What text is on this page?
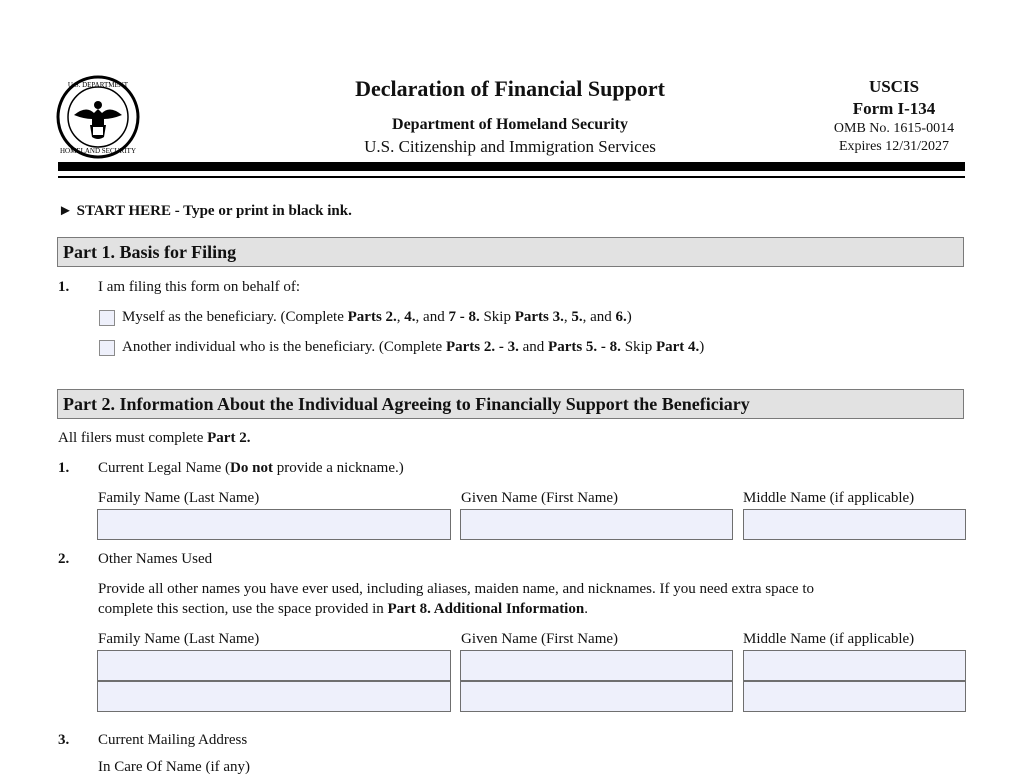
U.S. DEPARTMENT
HOMELAND SECURITY
Declaration of Financial Support
Department of Homeland Security
U.S. Citizenship and Immigration Services
USCIS
Form I-134
OMB No. 1615-0014
Expires 12/31/2027
► START HERE - Type or print in black ink.
Part 1. Basis for Filing
1. I am filing this form on behalf of:
Myself as the beneficiary. (Complete Parts 2., 4., and 7 - 8. Skip Parts 3., 5., and 6.)
Another individual who is the beneficiary. (Complete Parts 2. - 3. and Parts 5. - 8. Skip Part 4.)
Part 2. Information About the Individual Agreeing to Financially Support the Beneficiary
All filers must complete Part 2.
1. Current Legal Name (Do not provide a nickname.)
Family Name (Last Name)	Given Name (First Name)	Middle Name (if applicable)
2. Other Names Used
Provide all other names you have ever used, including aliases, maiden name, and nicknames. If you need extra space to
complete this section, use the space provided in Part 8. Additional Information.
Family Name (Last Name)	Given Name (First Name)	Middle Name (if applicable)
3. Current Mailing Address
In Care Of Name (if any)
